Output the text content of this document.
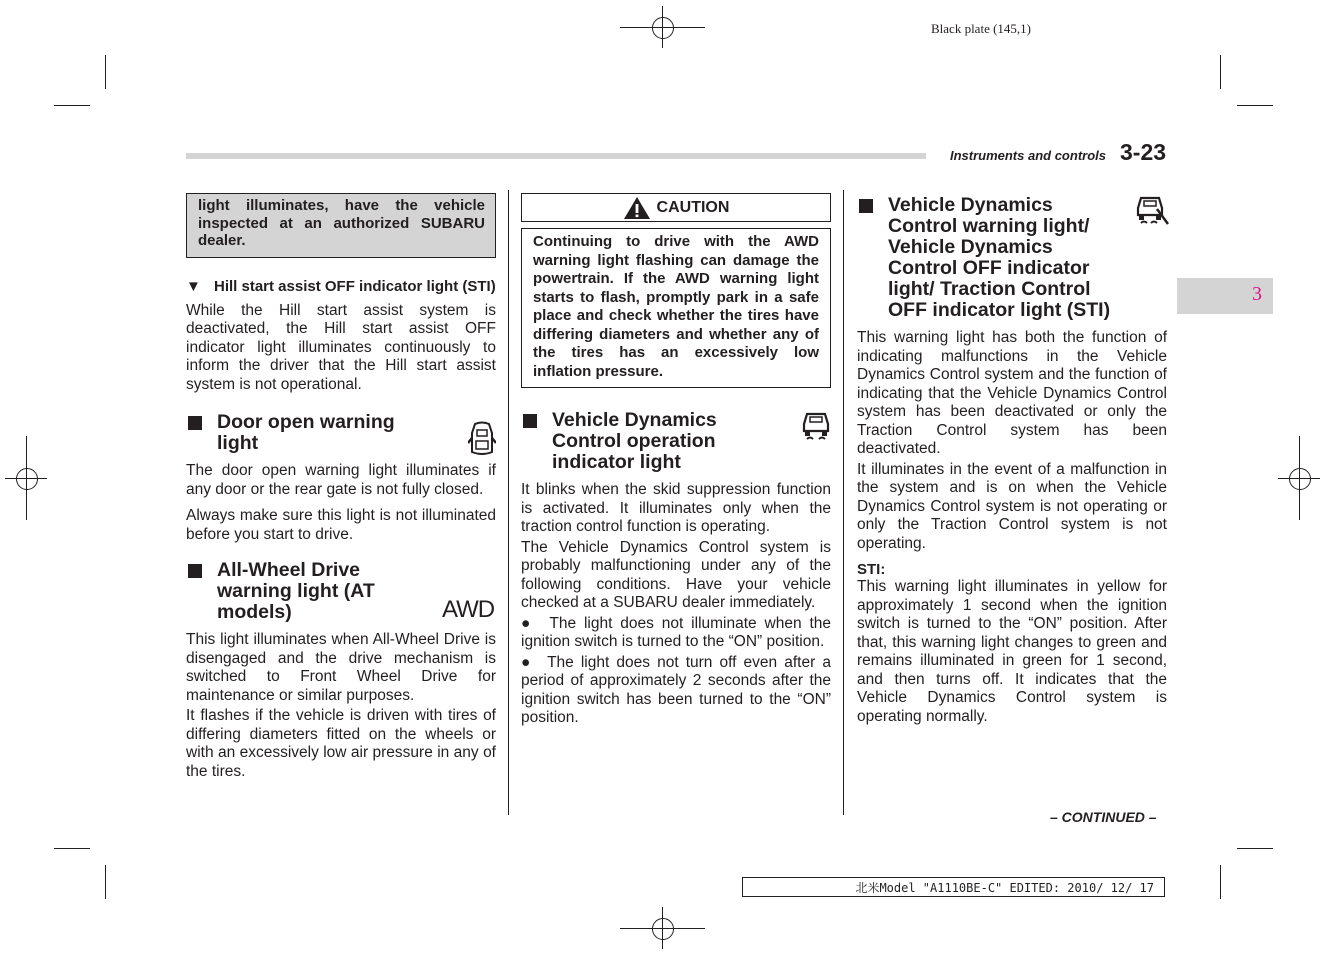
Black plate (145,1)
Instruments and controls 3-23
3
light illuminates, have the vehicle inspected at an authorized SUBARU dealer.
▼ Hill start assist OFF indicator light (STI)

While the Hill start assist system is deactivated, the Hill start assist OFF indicator light illuminates continuously to inform the driver that the Hill start assist system is not operational.

Door open warning light

The door open warning light illuminates if any door or the rear gate is not fully closed.

Always make sure this light is not illuminated before you start to drive.

All-Wheel Drive warning light (AT models)	AWD

This light illuminates when All-Wheel Drive is disengaged and the drive mechanism is switched to Front Wheel Drive for maintenance or similar purposes.

It flashes if the vehicle is driven with tires of differing diameters fitted on the wheels or with an excessively low air pressure in any of the tires.

CAUTION
Continuing to drive with the AWD warning light flashing can damage the powertrain. If the AWD warning light starts to flash, promptly park in a safe place and check whether the tires have differing diameters and whether any of the tires has an excessively low inflation pressure.
Vehicle Dynamics Control operation indicator light

It blinks when the skid suppression function is activated. It illuminates only when the traction control function is operating.

The Vehicle Dynamics Control system is probably malfunctioning under any of the following conditions. Have your vehicle checked at a SUBARU dealer immediately.

● The light does not illuminate when the ignition switch is turned to the “ON” position.

● The light does not turn off even after a period of approximately 2 seconds after the ignition switch has been turned to the “ON” position.

Vehicle Dynamics Control warning light/ Vehicle Dynamics Control OFF indicator light/ Traction Control OFF indicator light (STI)

This warning light has both the function of indicating malfunctions in the Vehicle Dynamics Control system and the function of indicating that the Vehicle Dynamics Control system has been deactivated or only the Traction Control system has been deactivated.

It illuminates in the event of a malfunction in the system and is on when the Vehicle Dynamics Control system is not operating or only the Traction Control system is not operating.

STI:

This warning light illuminates in yellow for approximately 1 second when the ignition switch is turned to the “ON” position. After that, this warning light changes to green and remains illuminated in green for 1 second, and then turns off. It indicates that the Vehicle Dynamics Control system is operating normally.

– CONTINUED –
北米Model "A1110BE-C" EDITED: 2010/ 12/ 17
